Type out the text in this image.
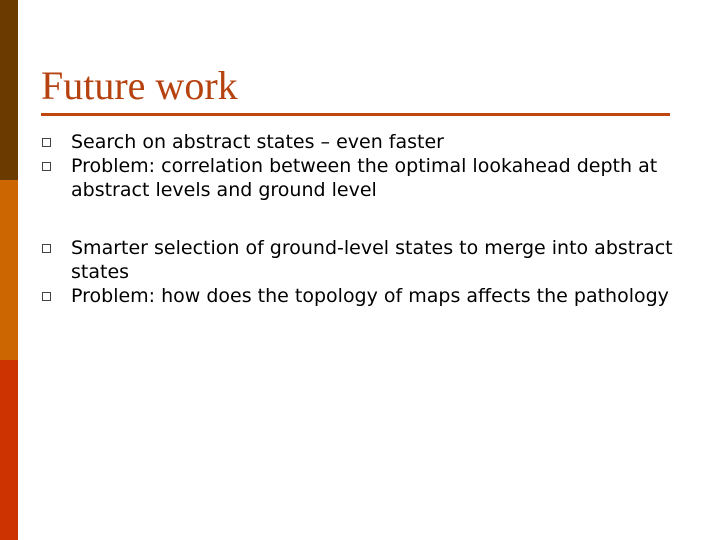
Future work
Search on abstract states – even faster
Problem: correlation between the optimal lookahead depth at abstract levels and ground level
Smarter selection of ground-level states to merge into abstract states
Problem: how does the topology of maps affects the pathology
